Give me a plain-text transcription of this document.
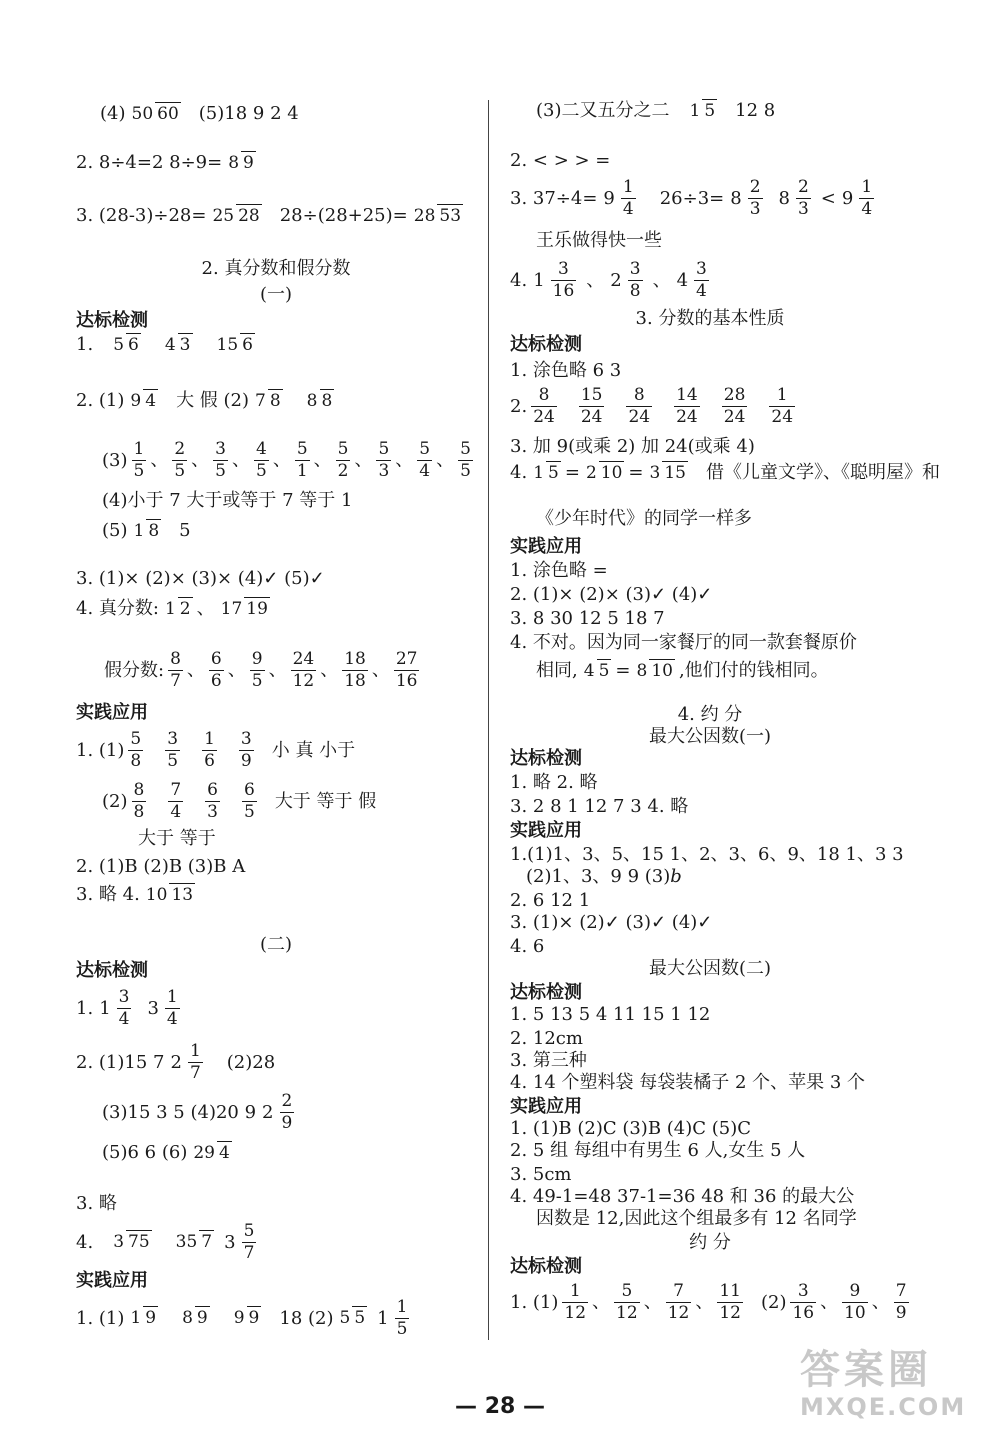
(4) 50 60 (5)18 9 2 4
2. 8÷4=2 8÷9= 8 9
3. (28-3)÷28= 25 28 28÷(28+25)= 28 53
2. 真分数和假分数
(一)
达标检测
1. 5 6 4 3 15 6
2. (1) 9 4 大 假 (2) 7 8 8 8
$(3) \frac{1}{5}$ 、 $\frac{2}{5}$ 、 $\frac{3}{5}$ 、 $\frac{4}{5}$ 、 $\frac{5}{1}$ 、 $\frac{5}{2}$ 、 $\frac{5}{3}$ 、 $\frac{5}{4}$ 、 $\frac{5}{5}$
(4)小于 7 大于或等于 7 等于 1
(5) 1 8 5
3. (1)× (2)× (3)× (4)✓ (5)✓
4. 真分数: 1 2 、 17 19
假分数: $\frac{8}{7}$ 、 $\frac{6}{6}$ 、 $\frac{9}{5}$ 、 $\frac{24}{12}$ 、 $\frac{18}{18}$ 、 $\frac{27}{16}$
实践应用
1. $(1) \frac{5}{8} \frac{3}{5} \frac{1}{6} \frac{3}{9}$ 小 真 小于
$(2) \frac{8}{8} \frac{7}{4} \frac{6}{3} \frac{6}{5}$ 大于 等于 假
大于 等于
2. (1)B (2)B (3)B A
3. 略 4. 10 13
(二)
达标检测
1. $1 \frac{3}{4} 3 \frac{1}{4}$
2. (1)15 7 $2 \frac{1}{7} (2)28$
(3)15 3 5 (4)20 9 $2 \frac{2}{9}$
(5)6 6 (6) 29 4
3. 略
4. 3 75 35 7 $3 \frac{5}{7}$
实践应用
1. (1) 1 9 8 9 9 9 18 (2) 5 5 $1 \frac{1}{5}$
(3)二又五分之二 1 5 12 8
2. < > > =
3. $37\div 4= 9 \frac{1}{4} 26\div 3= 8 \frac{2}{3} 8 \frac{2}{3} < 9 \frac{1}{4}$
王乐做得快一些
4. $1 \frac{3}{16}$ 、 $2 \frac{3}{8}$ 、 $4 \frac{3}{4}$
3. 分数的基本性质
达标检测
1. 涂色略 6 3
2. $\frac{8}{24} \frac{15}{24} \frac{8}{24} \frac{14}{24} \frac{28}{24} \frac{1}{24}$
3. 加 9(或乘 2) 加 24(或乘 4)
4. 1 5 = 2 10 = 3 15 借《儿童文学》、《聪明屋》和
《少年时代》的同学一样多
实践应用
1. 涂色略 =
2. (1)× (2)× (3)✓ (4)✓
3. 8 30 12 5 18 7
4. 不对。因为同一家餐厅的同一款套餐原价
相同, 4 5 = 8 10 ,他们付的钱相同。
4. 约 分
最大公因数(一)
达标检测
1. 略 2. 略
3. 2 8 1 12 7 3 4. 略
实践应用
1.(1)1、3、5、15 1、2、3、6、9、18 1、3 3
(2)1、3、9 9 (3) b
2. 6 12 1
3. (1)× (2)✓ (3)✓ (4)✓
4. 6
最大公因数(二)
达标检测
1. 5 13 5 4 11 15 1 12
2. 12cm
3. 第三种
4. 14 个塑料袋 每袋装橘子 2 个、苹果 3 个
实践应用
1. (1)B (2)C (3)B (4)C (5)C
2. 5 组 每组中有男生 6 人,女生 5 人
3. 5cm
4. 49-1=48 37-1=36 48 和 36 的最大公
因数是 12,因此这个组最多有 12 名同学
约 分
达标检测
1. $(1) \frac{1}{12}$ 、 $\frac{5}{12}$ 、 $\frac{7}{12}$ 、 $\frac{11}{12} (2) \frac{3}{16}$ 、 $\frac{9}{10}$ 、 $\frac{7}{9}$
— 28 —
答案圈
MXQE.COM
